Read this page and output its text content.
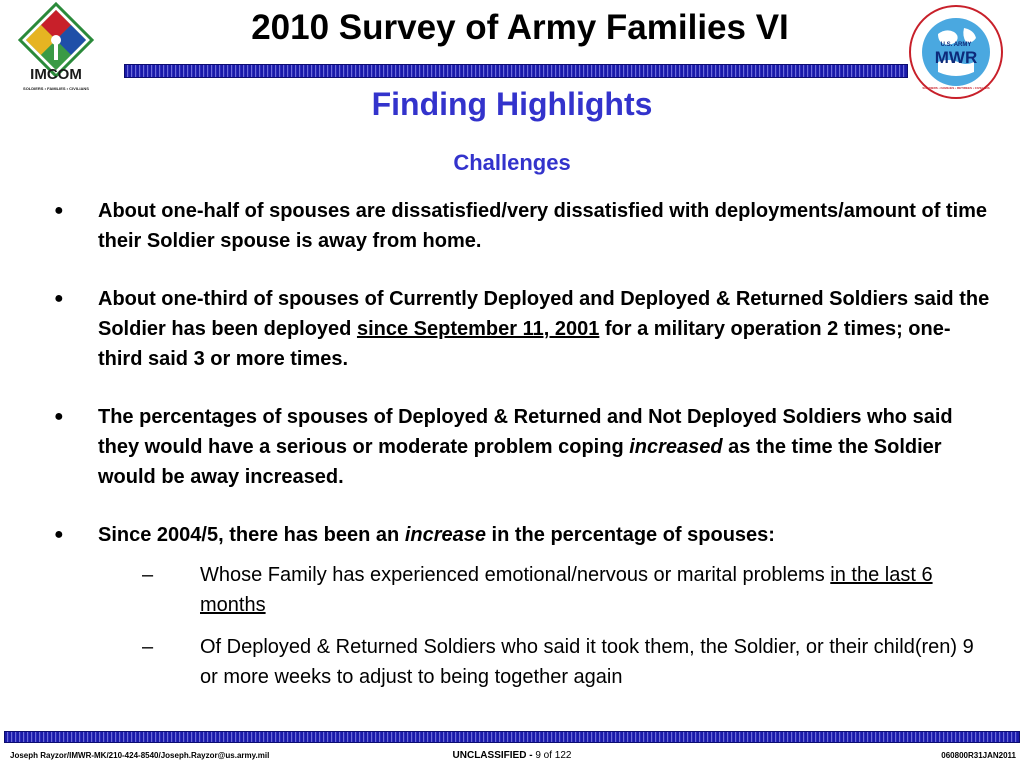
IMCOM
SOLDIERS • FAMILIES • CIVILIANS
2010 Survey of Army Families VI	U.S. ARMY
MWR
SOLDIERS • FAMILIES • RETIREES • CIVILIANS
Finding Highlights
Challenges
● About one-half of spouses are dissatisfied/very dissatisfied with deployments/amount of time their Soldier spouse is away from home.
● About one-third of spouses of Currently Deployed and Deployed & Returned Soldiers said the Soldier has been deployed since September 11, 2001 for a military operation 2 times; one-third said 3 or more times.
● The percentages of spouses of Deployed & Returned and Not Deployed Soldiers who said they would have a serious or moderate problem coping increased as the time the Soldier would be away increased.
● Since 2004/5, there has been an increase in the percentage of spouses:
– Whose Family has experienced emotional/nervous or marital problems in the last 6 months
– Of Deployed & Returned Soldiers who said it took them, the Soldier, or their child(ren) 9 or more weeks to adjust to being together again
Joseph Rayzor/IMWR-MK/210-424-8540/Joseph.Rayzor@us.army.mil	UNCLASSIFIED - 9 of 122	060800R31JAN2011
